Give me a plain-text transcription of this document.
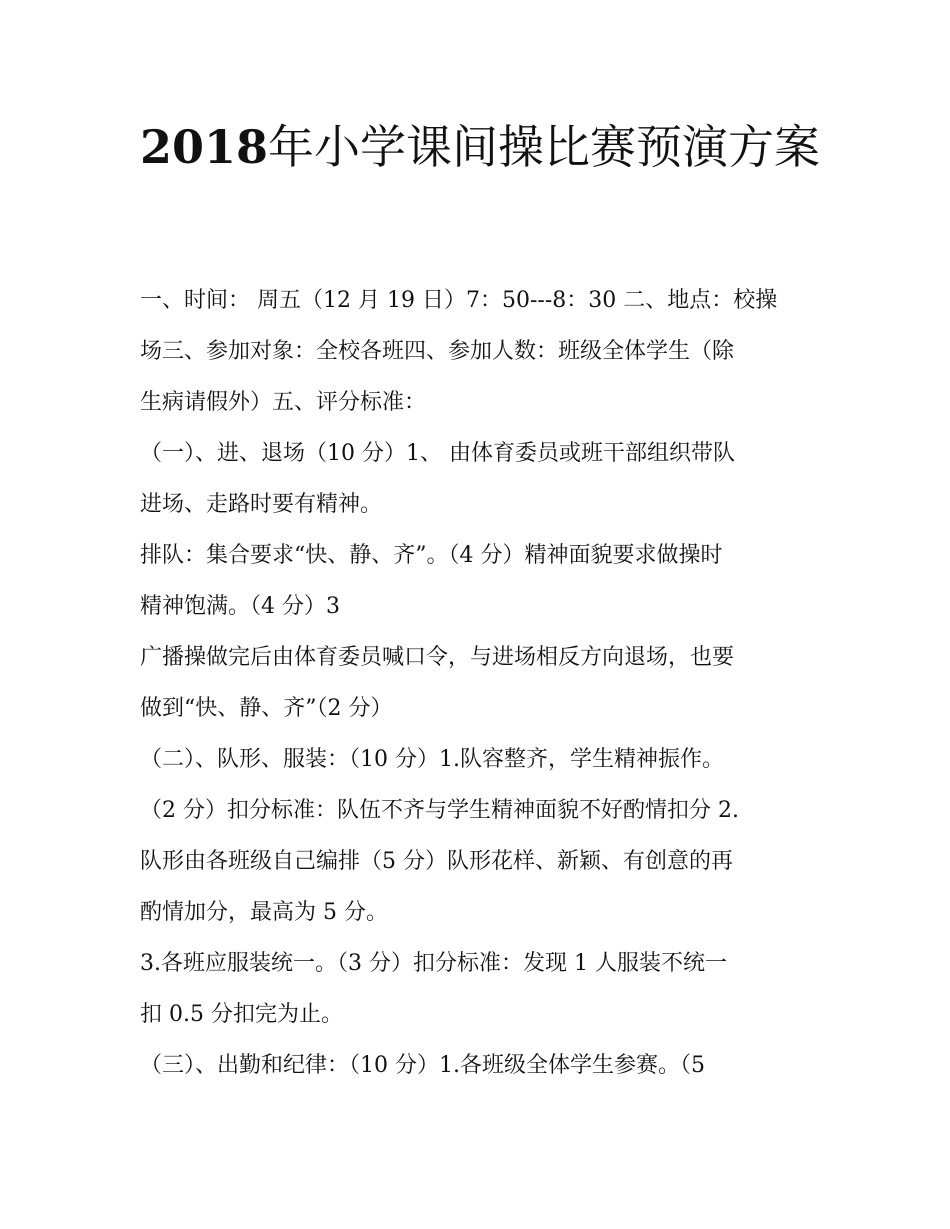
2018年小学课间操比赛预演方案

一、时间： 周五（12 月 19 日）7：50---8：30 二、地点：校操

场三、参加对象：全校各班四、参加人数：班级全体学生（除

生病请假外）五、评分标准：

（一）、进、退场（10 分）1、 由体育委员或班干部组织带队

进场、走路时要有精神。

排队：集合要求“快、静、齐”。（4 分）精神面貌要求做操时

精神饱满。（4 分）3

广播操做完后由体育委员喊口令，与进场相反方向退场，也要

做到“快、静、齐”（2 分）

（二）、队形、服装：（10 分）1.队容整齐，学生精神振作。

（2 分）扣分标准：队伍不齐与学生精神面貌不好酌情扣分 2.

队形由各班级自己编排（5 分）队形花样、新颖、有创意的再

酌情加分，最高为 5 分。

3.各班应服装统一。（3 分）扣分标准：发现 1 人服装不统一

扣 0.5 分扣完为止。

（三）、出勤和纪律：（10 分）1.各班级全体学生参赛。（5
